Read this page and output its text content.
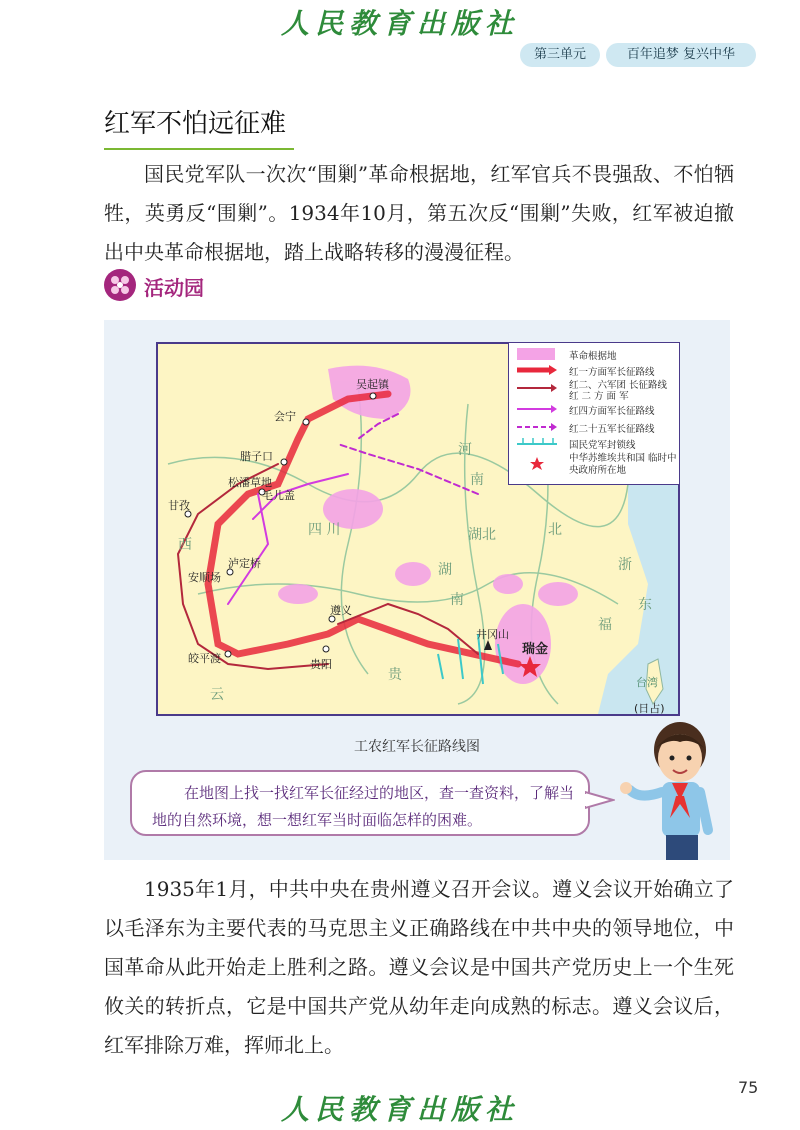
人民教育出版社
第三单元	百年追梦 复兴中华
红军不怕远征难
国民党军队一次次“围剿”革命根据地，红军官兵不畏强敌、不怕牺牲，英勇反“围剿”。1934年10月，第五次反“围剿”失败，红军被迫撤出中央革命根据地，踏上战略转移的漫漫征程。
活动园
吴起镇
会宁
腊子口
松潘草地
毛儿盖
甘孜
泸定桥
安顺场
皎平渡
遵义
贵阳
井冈山
瑞金
台湾
(日占)
河
南
四 川
湖
南
湖北	北
云
浙
福
东
贵
西
革命根据地
红一方面军长征路线
红二、六军团 长征路线 红 二 方 面 军
红四方面军长征路线
红二十五军长征路线
国民党军封锁线
中华苏维埃共和国 临时中央政府所在地
工农红军长征路线图
在地图上找一找红军长征经过的地区，查一查资料，了解当地的自然环境，想一想红军当时面临怎样的困难。
1935年1月，中共中央在贵州遵义召开会议。遵义会议开始确立了以毛泽东为主要代表的马克思主义正确路线在中共中央的领导地位，中国革命从此开始走上胜利之路。遵义会议是中国共产党历史上一个生死攸关的转折点，它是中国共产党从幼年走向成熟的标志。遵义会议后，红军排除万难，挥师北上。
75
人民教育出版社
